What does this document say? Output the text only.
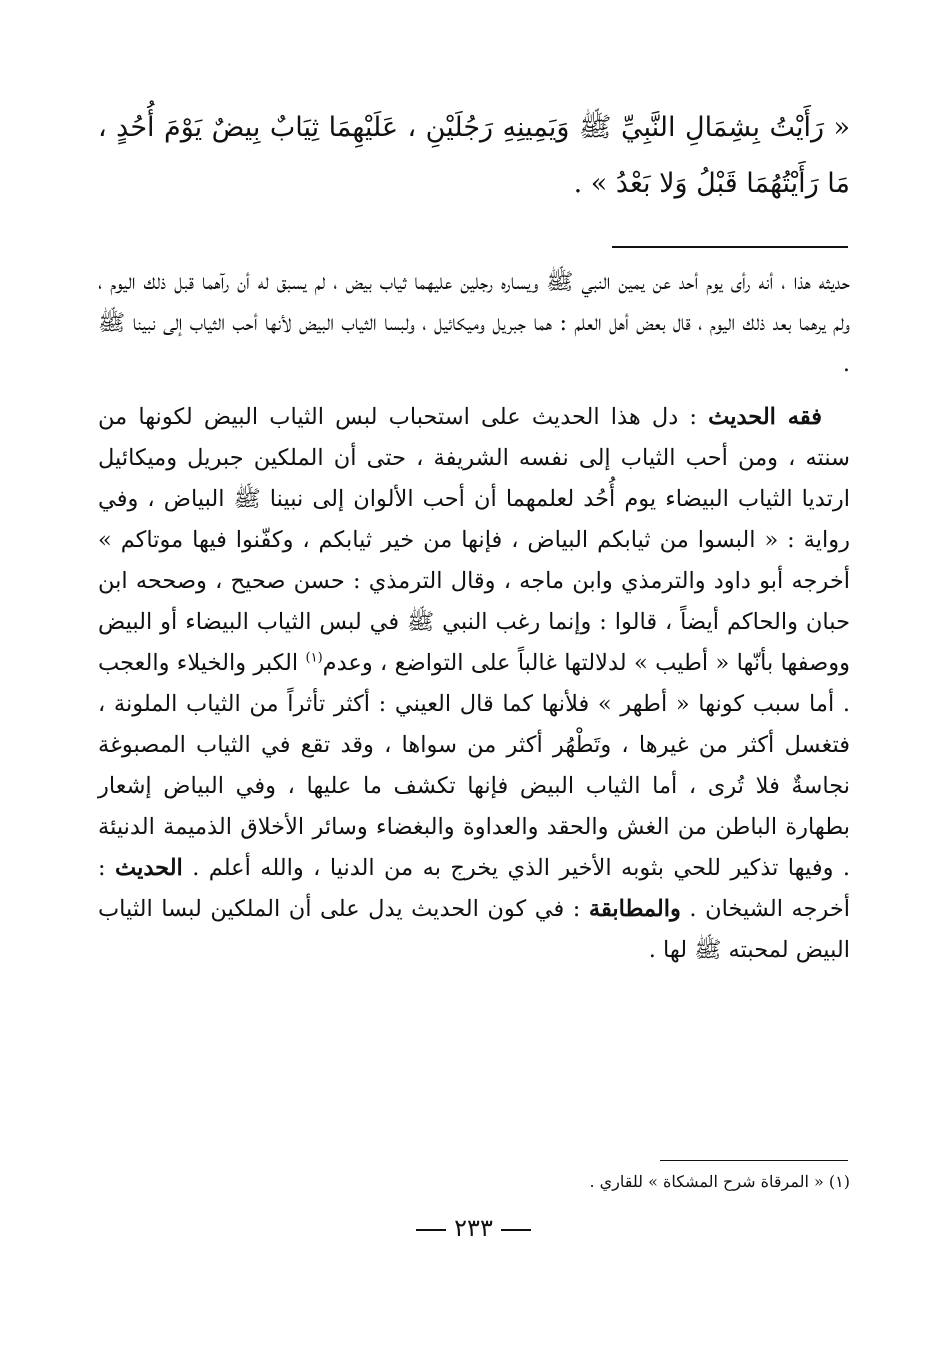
« رَأَيْتُ بِشِمَالِ النَّبِيِّ ﷺ وَيَمِينِهِ رَجُلَيْنِ ، عَلَيْهِمَا ثِيَابٌ بِيضٌ يَوْمَ أُحُدٍ ، مَا رَأَيْتُهُمَا قَبْلُ وَلا بَعْدُ » .

حديثه هذا ، أنه رأى يوم أحد عن يمين النبي ﷺ ويساره رجلين عليهما ثياب بيض ، لم يسبق له أن رآهما قبل ذلك اليوم ، ولم يرهما بعد ذلك اليوم ، قال بعض أهل العلم : هما جبريل وميكائيل ، ولبسا الثياب البيض لأنها أحب الثياب إلى نبينا ﷺ .

فقه الحديث : دل هذا الحديث على استحباب لبس الثياب البيض لكونها من سنته ، ومن أحب الثياب إلى نفسه الشريفة ، حتى أن الملكين جبريل وميكائيل ارتديا الثياب البيضاء يوم أُحُد لعلمهما أن أحب الألوان إلى نبينا ﷺ البياض ، وفي رواية : « البسوا من ثيابكم البياض ، فإنها من خير ثيابكم ، وكفّنوا فيها موتاكم » أخرجه أبو داود والترمذي وابن ماجه ، وقال الترمذي : حسن صحيح ، وصححه ابن حبان والحاكم أيضاً ، قالوا : وإنما رغب النبي ﷺ في لبس الثياب البيضاء أو البيض ووصفها بأنّها « أطيب » لدلالتها غالباً على التواضع ، وعدم$^{(١)}$ الكبر والخيلاء والعجب . أما سبب كونها « أطهر » فلأنها كما قال العيني : أكثر تأثراً من الثياب الملونة ، فتغسل أكثر من غيرها ، وتَطْهُر أكثر من سواها ، وقد تقع في الثياب المصبوغة نجاسةٌ فلا تُرى ، أما الثياب البيض فإنها تكشف ما عليها ، وفي البياض إشعار بطهارة الباطن من الغش والحقد والعداوة والبغضاء وسائر الأخلاق الذميمة الدنيئة . وفيها تذكير للحي بثوبه الأخير الذي يخرج به من الدنيا ، والله أعلم . الحديث : أخرجه الشيخان . والمطابقة : في كون الحديث يدل على أن الملكين لبسا الثياب البيض لمحبته ﷺ لها .

(١) « المرقاة شرح المشكاة » للقاري .
٢٣٣
